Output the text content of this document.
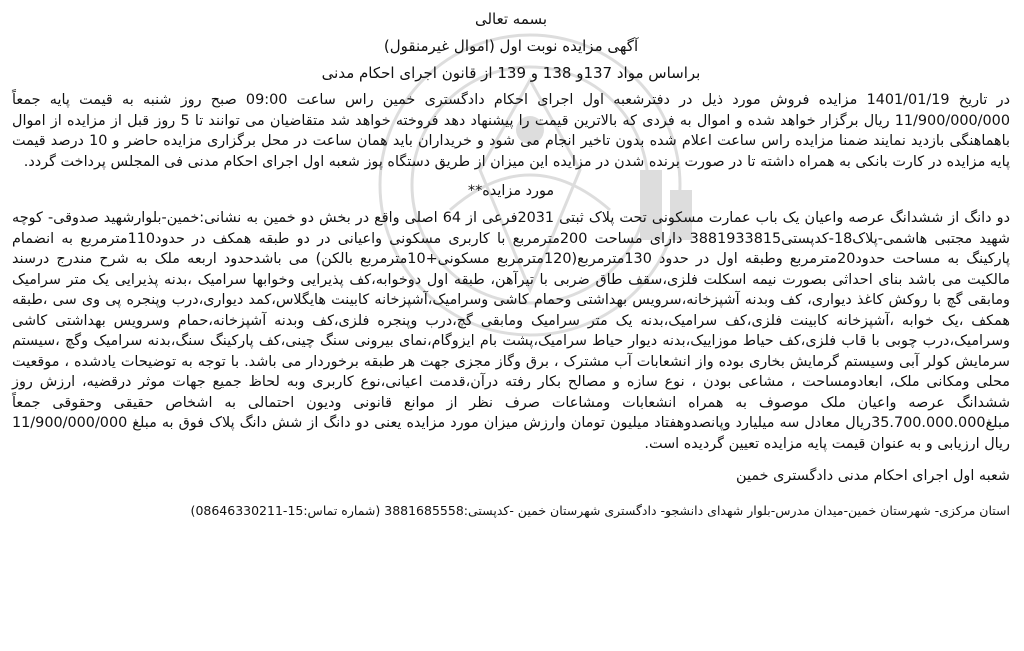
بسمه تعالی
آگهی مزایده نوبت اول (اموال غیرمنقول)
براساس مواد 137و 138 و 139 از قانون اجرای احکام مدنی
در تاریخ 1401/01/19 مزایده فروش مورد ذیل در دفترشعبه اول اجرای احکام دادگستری خمین راس ساعت 09:00 صبح روز شنبه به قیمت پایه جمعاً 11/900/000/000 ریال برگزار خواهد شده و اموال به فردی که بالاترین قیمت را پیشنهاد دهد فروخته خواهد شد متقاضیان می توانند تا 5 روز قبل از مزایده از اموال باهماهنگی بازدید نمایند ضمنا مزایده راس ساعت اعلام شده بدون تاخیر انجام می شود و خریداران باید همان ساعت در محل برگزاری مزایده حاضر و 10 درصد قیمت پایه مزایده در کارت بانکی به همراه داشته تا در صورت برنده شدن در مزایده این میزان از طریق دستگاه پوز شعبه اول اجرای احکام مدنی فی المجلس پرداخت گردد.
مورد مزایده**
دو دانگ از ششدانگ عرصه واعیان یک باب عمارت مسکونی تحت پلاک ثبتی 2031فرعی از 64 اصلی واقع در بخش دو خمین به نشانی:خمین-بلوارشهید صدوقی- کوچه شهید مجتبی هاشمی-پلاک18-کدپستی3881933815 دارای مساحت 200مترمربع با کاربری مسکونی واعیانی در دو طبقه همکف در حدود110مترمربع به انضمام پارکینگ به مساحت حدود20مترمربع وطبقه اول در حدود 130مترمربع(120مترمربع مسکونی+10مترمربع بالکن) می باشدحدود اربعه ملک به شرح مندرج درسند مالکیت می باشد بنای احداثی بصورت نیمه اسکلت فلزی،سقف طاق ضربی با تیرآهن، طبقه اول دوخوابه،کف پذیرایی وخوابها سرامیک ،بدنه پذیرایی یک متر سرامیک ومابقی گچ با روکش کاغذ دیواری، کف وبدنه آشپزخانه،سرویس بهداشتی وحمام کاشی وسرامیک،آشپزخانه کابینت هایگلاس،کمد دیواری،درب وپنجره پی وی سی ،طبقه همکف ،یک خوابه ،آشپزخانه کابینت فلزی،کف سرامیک،بدنه یک متر سرامیک ومابقی گچ،درب وپنجره فلزی،کف وبدنه آشپزخانه،حمام وسرویس بهداشتی کاشی وسرامیک،درب چوبی با قاب فلزی،کف حیاط موزاییک،بدنه دیوار حیاط سرامیک،پشت بام ایزوگام،نمای بیرونی سنگ چینی،کف پارکینگ سنگ،بدنه سرامیک وگچ ،سیستم سرمایش کولر آبی وسیستم گرمایش بخاری بوده واز انشعابات آب مشترک ، برق وگاز مجزی جهت هر طبقه برخوردار می باشد. با توجه به توضیحات یادشده ، موقعیت محلی ومکانی ملک، ابعادومساحت ، مشاعی بودن ، نوع سازه و مصالح بکار رفته درآن،قدمت اعیانی،نوع کاربری وبه لحاظ جمیع جهات موثر درقضیه، ارزش روز ششدانگ عرصه واعیان ملک موصوف به همراه انشعابات ومشاعات صرف نظر از موانع قانونی ودیون احتمالی به اشخاص حقیقی وحقوقی جمعاً مبلغ35.700.000.000ریال معادل سه میلیارد وپانصدوهفتاد میلیون تومان وارزش میزان مورد مزایده یعنی دو دانگ از شش دانگ پلاک فوق به مبلغ 11/900/000/000 ریال ارزیابی و به عنوان قیمت پایه مزایده تعیین گردیده است.
شعبه اول اجرای احکام مدنی دادگستری خمین
استان مرکزی- شهرستان خمین-میدان مدرس-بلوار شهدای دانشجو- دادگستری شهرستان خمین -کدپستی:3881685558 (شماره تماس:15-08646330211)
